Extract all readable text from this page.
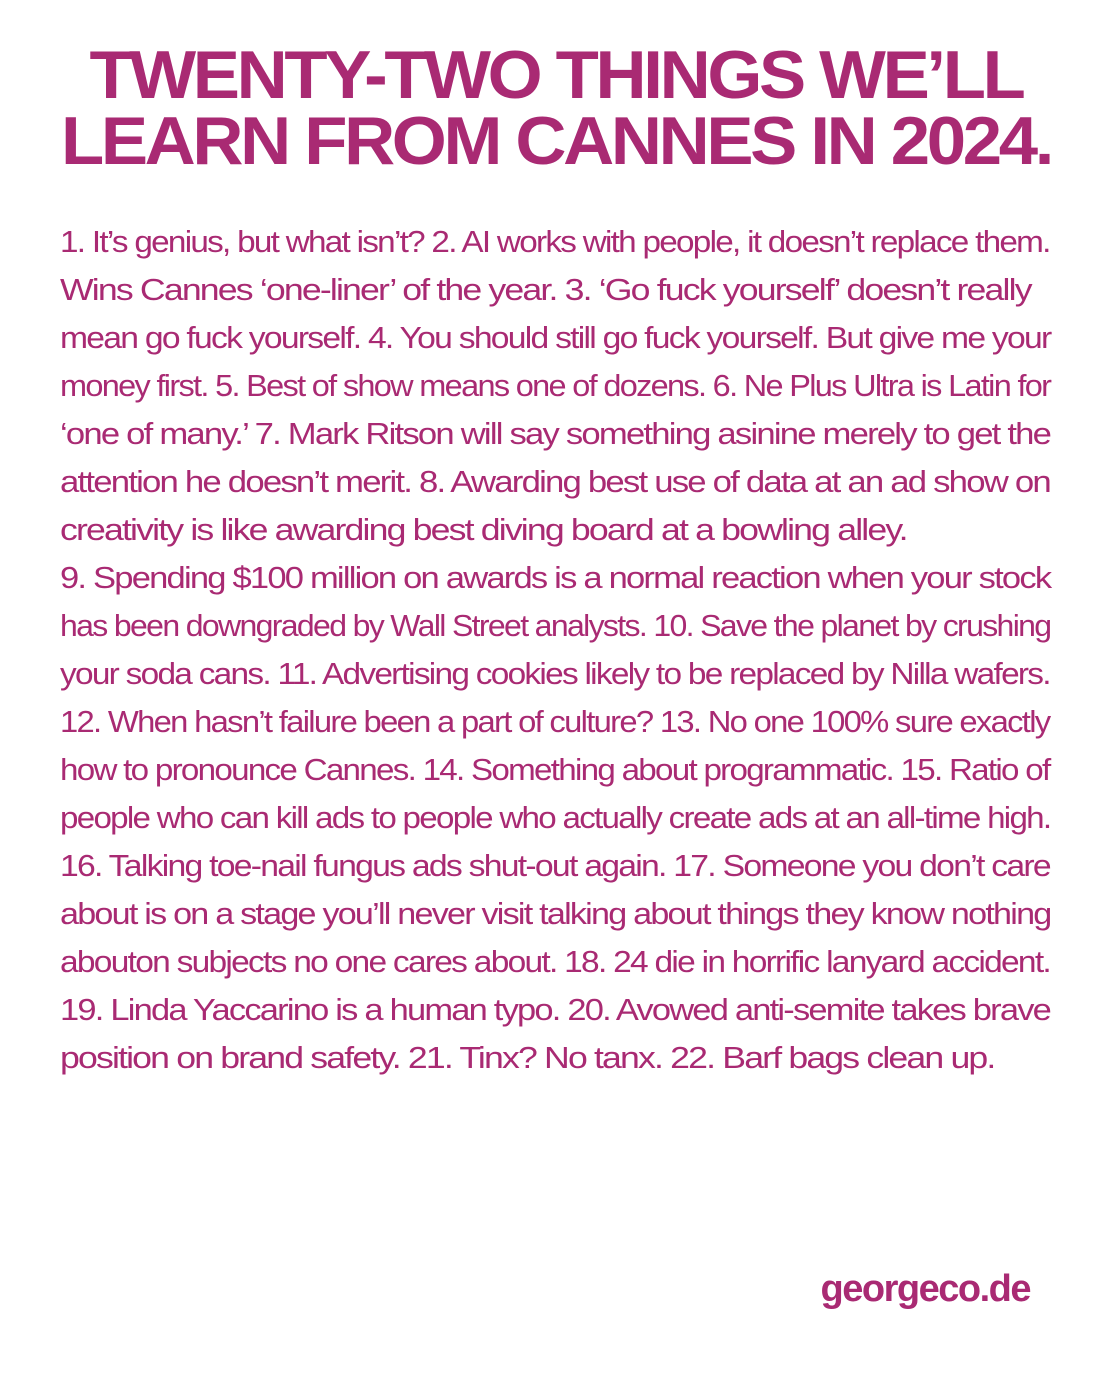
TWENTY-TWO THINGS WE’LL
LEARN FROM CANNES IN 2024.
1. It’s genius, but what isn’t? 2. AI works with people, it doesn’t replace them.
Wins Cannes ‘one-liner’ of the year. 3. ‘Go fuck yourself’ doesn’t really
mean go fuck yourself. 4. You should still go fuck yourself. But give me your
money first. 5. Best of show means one of dozens. 6. Ne Plus Ultra is Latin for
‘one of many.’ 7. Mark Ritson will say something asinine merely to get the
attention he doesn’t merit. 8. Awarding best use of data at an ad show on
creativity is like awarding best diving board at a bowling alley.
9. Spending $100 million on awards is a normal reaction when your stock
has been downgraded by Wall Street analysts. 10. Save the planet by crushing
your soda cans. 11. Advertising cookies likely to be replaced by Nilla wafers.
12. When hasn’t failure been a part of culture? 13. No one 100% sure exactly
how to pronounce Cannes. 14. Something about programmatic. 15. Ratio of
people who can kill ads to people who actually create ads at an all-time high.
16. Talking toe-nail fungus ads shut-out again. 17. Someone you don’t care
about is on a stage you’ll never visit talking about things they know nothing
abouton subjects no one cares about. 18. 24 die in horrific lanyard accident.
19. Linda Yaccarino is a human typo. 20. Avowed anti-semite takes brave
position on brand safety. 21. Tinx? No tanx. 22. Barf bags clean up.
georgeco.de
